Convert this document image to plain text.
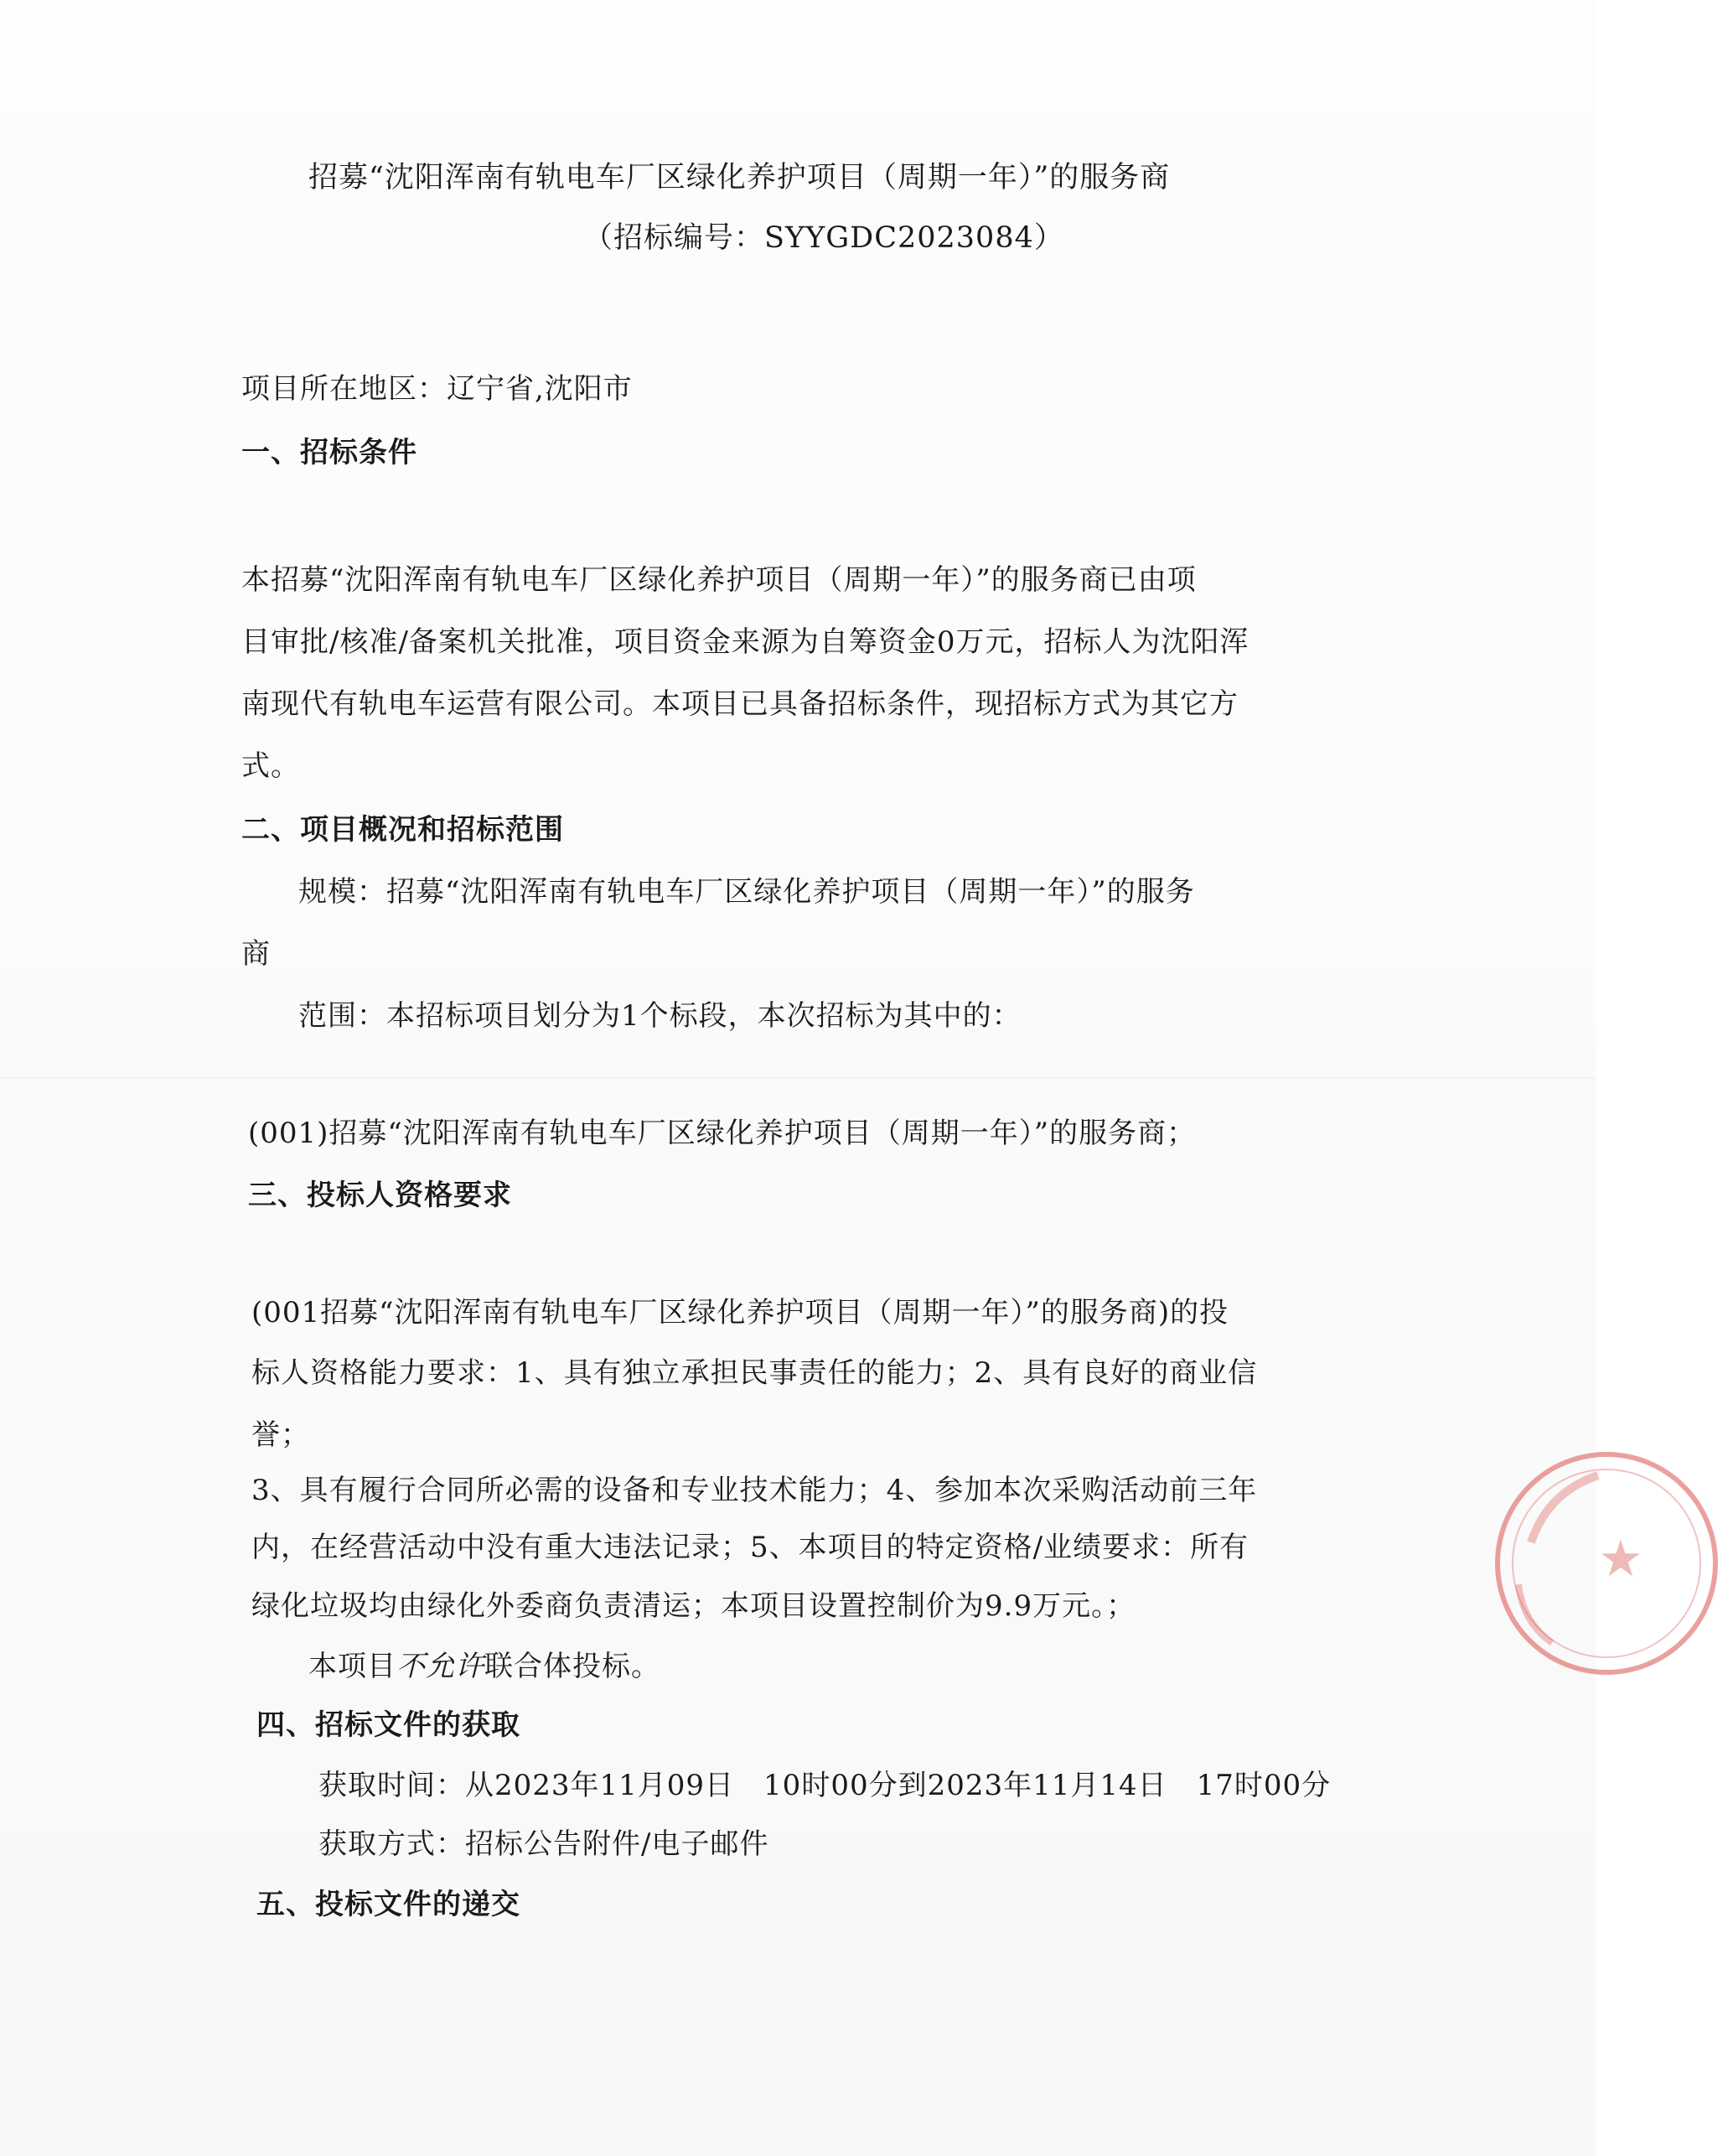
招募“沈阳浑南有轨电车厂区绿化养护项目（周期一年）”的服务商
（招标编号：SYYGDC2023084）
项目所在地区：辽宁省,沈阳市
一、招标条件
本招募“沈阳浑南有轨电车厂区绿化养护项目（周期一年）”的服务商已由项
目审批/核准/备案机关批准，项目资金来源为自筹资金0万元，招标人为沈阳浑
南现代有轨电车运营有限公司。本项目已具备招标条件，现招标方式为其它方
式。
二、项目概况和招标范围
规模：招募“沈阳浑南有轨电车厂区绿化养护项目（周期一年）”的服务
商
范围：本招标项目划分为1个标段，本次招标为其中的：
(001)招募“沈阳浑南有轨电车厂区绿化养护项目（周期一年）”的服务商；
三、投标人资格要求
(001招募“沈阳浑南有轨电车厂区绿化养护项目（周期一年）”的服务商)的投
标人资格能力要求：1、具有独立承担民事责任的能力；2、具有良好的商业信
誉；
3、具有履行合同所必需的设备和专业技术能力；4、参加本次采购活动前三年
内，在经营活动中没有重大违法记录；5、本项目的特定资格/业绩要求：所有
绿化垃圾均由绿化外委商负责清运；本项目设置控制价为9.9万元。；
本项目不允许联合体投标。
四、招标文件的获取
获取时间：从2023年11月09日　10时00分到2023年11月14日　17时00分
获取方式：招标公告附件/电子邮件
五、投标文件的递交
★
